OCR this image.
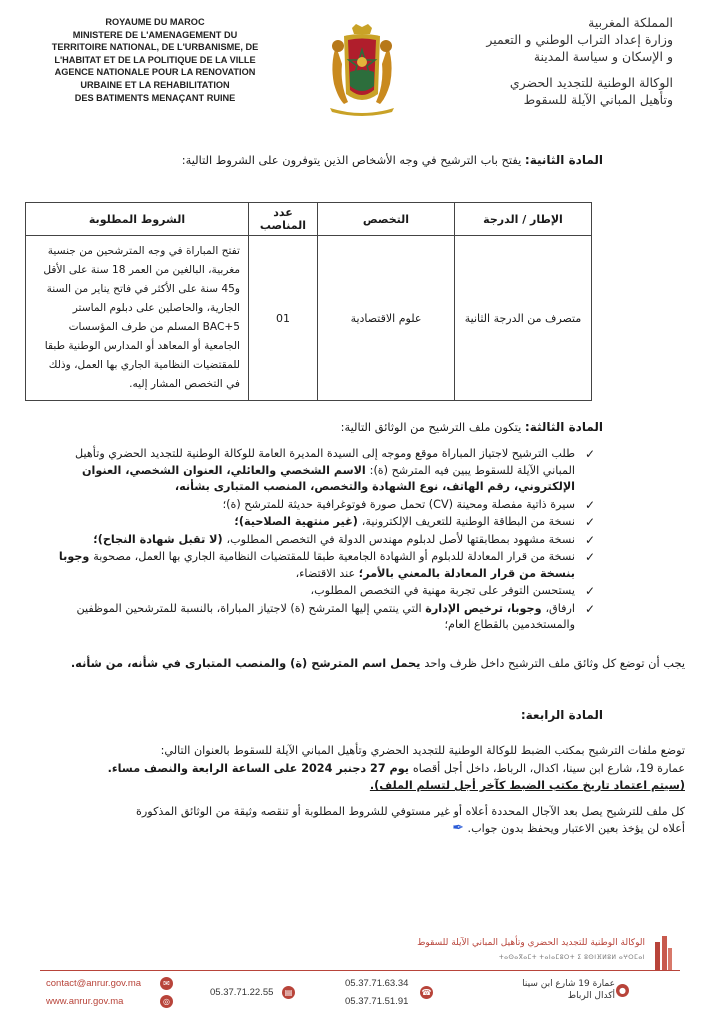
ROYAUME DU MAROC
MINISTERE DE L'AMENAGEMENT DU
TERRITOIRE NATIONAL, DE L'URBANISME, DE
L'HABITAT ET DE LA POLITIQUE DE LA VILLE
AGENCE NATIONALE POUR LA RENOVATION
URBAINE ET LA REHABILITATION
DES BATIMENTS MENAÇANT RUINE
المملكة المغربية
وزارة إعداد التراب الوطني و التعمير
و الإسكان و سياسة المدينة
الوكالة الوطنية للتجديد الحضري
وتأهيل المباني الآيلة للسقوط
المادة الثانية: يفتح باب الترشيح في وجه الأشخاص الذين يتوفرون على الشروط التالية:
الإطار / الدرجة	التخصص	عدد المناصب	الشروط المطلوبة
متصرف من الدرجة الثانية	علوم الاقتصادية	01	تفتح المباراة في وجه المترشحين من جنسية مغربية، البالغين من العمر 18 سنة على الأقل و45 سنة على الأكثر في فاتح يناير من السنة الجارية، والحاصلين على دبلوم الماستر BAC+5 المسلم من طرف المؤسسات الجامعية أو المعاهد أو المدارس الوطنية طبقا للمقتضيات النظامية الجاري بها العمل، وذلك في التخصص المشار إليه.
المادة الثالثة: يتكون ملف الترشيح من الوثائق التالية:
✓
طلب الترشيح لاجتياز المباراة موقع وموجه إلى السيدة المديرة العامة للوكالة الوطنية للتجديد الحضري وتأهيل المباني الآيلة للسقوط يبين فيه المترشح (ة): الاسم الشخصي والعائلي، العنوان الشخصي، العنوان الإلكتروني، رقم الهاتف، نوع الشهادة والتخصص، المنصب المتبارى بشأنه،
✓
سيرة ذاتية مفصلة ومحينة (CV) تحمل صورة فوتوغرافية حديثة للمترشح (ة)؛
✓
نسخة من البطاقة الوطنية للتعريف الإلكترونية، (غير منتهية الصلاحية)؛
✓
نسخة مشهود بمطابقتها لأصل لدبلوم مهندس الدولة في التخصص المطلوب، (لا تقبل شهادة النجاح)؛
✓
نسخة من قرار المعادلة للدبلوم أو الشهادة الجامعية طبقا للمقتضيات النظامية الجاري بها العمل، مصحوبة وجوبا بنسخة من قرار المعادلة بالمعني بالأمر؛ عند الاقتضاء،
✓
يستحسن التوفر على تجربة مهنية في التخصص المطلوب،
✓
ارفاق، وجوبا، ترخيص الإدارة التي ينتمي إليها المترشح (ة) لاجتياز المباراة، بالنسبة للمترشحين الموظفين والمستخدمين بالقطاع العام؛
يجب أن توضع كل وثائق ملف الترشيح داخل ظرف واحد يحمل اسم المترشح (ة) والمنصب المتبارى في شأنه، من شأنه.
المادة الرابعة:
توضع ملفات الترشيح بمكتب الضبط للوكالة الوطنية للتجديد الحضري وتأهيل المباني الآيلة للسقوط بالعنوان التالي:
عمارة 19، شارع ابن سينا، اكدال، الرباط، داخل أجل أقصاه يوم 27 دجنبر 2024 على الساعة الرابعة والنصف مساء.
(سيتم اعتماد تاريخ مكتب الضبط كآخر أجل لتسلم الملف).
كل ملف للترشيح يصل بعد الآجال المحددة أعلاه أو غير مستوفي للشروط المطلوبة أو تنقصه وثيقة من الوثائق المذكورة
أعلاه لن يؤخذ بعين الاعتبار ويحفظ بدون جواب. ✒
الوكالة الوطنية للتجديد الحضري وتأهيل المباني الآيلة للسقوط
ⵜⴰⵙⴰⴳⴰⵎⵜ ⵜⴰⵏⴰⵎⵓⵔⵜ ⵉ ⵓⵙⵏⴼⵍⵓⵍ ⴰⵖⵔⵎⴰⵏ
contact@anrur.gov.ma	✉
www.anrur.gov.ma	◎
05.37.71.22.55	▤
05.37.71.63.34
05.37.71.51.91
☎
عمارة 19 شارع ابن سينا
أكدال الرباط
●
